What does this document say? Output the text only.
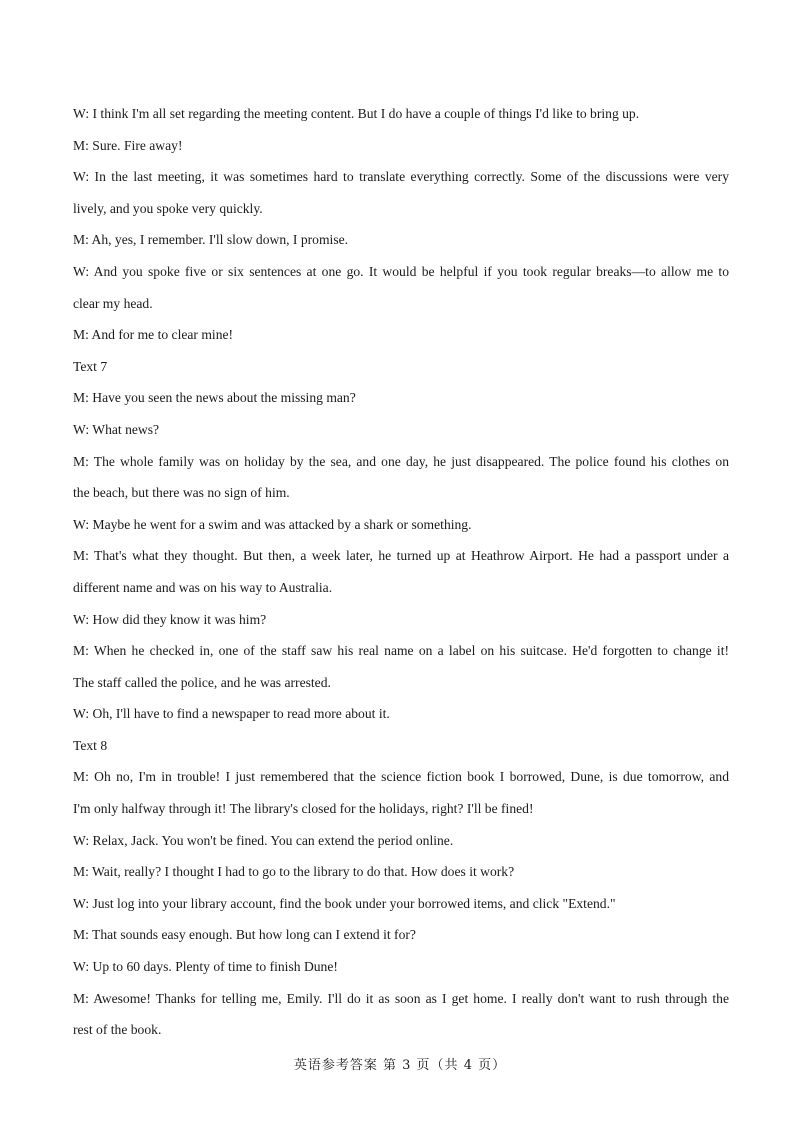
W: I think I'm all set regarding the meeting content. But I do have a couple of things I'd like to bring up.

M: Sure. Fire away!

W: In the last meeting, it was sometimes hard to translate everything correctly. Some of the discussions were very

lively, and you spoke very quickly.

M: Ah, yes, I remember. I'll slow down, I promise.

W: And you spoke five or six sentences at one go. It would be helpful if you took regular breaks—to allow me to

clear my head.

M: And for me to clear mine!

Text 7

M: Have you seen the news about the missing man?

W: What news?

M: The whole family was on holiday by the sea, and one day, he just disappeared. The police found his clothes on

the beach, but there was no sign of him.

W: Maybe he went for a swim and was attacked by a shark or something.

M: That's what they thought. But then, a week later, he turned up at Heathrow Airport. He had a passport under a

different name and was on his way to Australia.

W: How did they know it was him?

M: When he checked in, one of the staff saw his real name on a label on his suitcase. He'd forgotten to change it!

The staff called the police, and he was arrested.

W: Oh, I'll have to find a newspaper to read more about it.

Text 8

M: Oh no, I'm in trouble! I just remembered that the science fiction book I borrowed, Dune, is due tomorrow, and

I'm only halfway through it! The library's closed for the holidays, right? I'll be fined!

W: Relax, Jack. You won't be fined. You can extend the period online.

M: Wait, really? I thought I had to go to the library to do that. How does it work?

W: Just log into your library account, find the book under your borrowed items, and click "Extend."

M: That sounds easy enough. But how long can I extend it for?

W: Up to 60 days. Plenty of time to finish Dune!

M: Awesome! Thanks for telling me, Emily. I'll do it as soon as I get home. I really don't want to rush through the

rest of the book.

英语参考答案 第 3 页（共 4 页）
